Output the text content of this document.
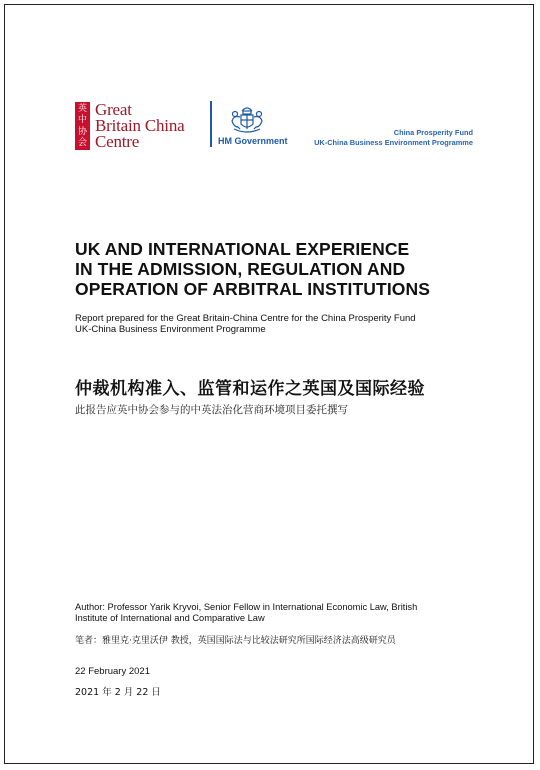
英
中
协
会
Great
Britain China
Centre	HM Government
China Prosperity Fund
UK-China Business Environment Programme
UK AND INTERNATIONAL EXPERIENCE
IN THE ADMISSION, REGULATION AND
OPERATION OF ARBITRAL INSTITUTIONS
Report prepared for the Great Britain-China Centre for the China Prosperity Fund
UK-China Business Environment Programme
仲裁机构准入、监管和运作之英国及国际经验
此报告应英中协会参与的中英法治化营商环境项目委托撰写
Author: Professor Yarik Kryvoi, Senior Fellow in International Economic Law, British
Institute of International and Comparative Law
笔者：雅里克·克里沃伊 教授，英国国际法与比较法研究所国际经济法高级研究员
22 February 2021
2021 年 2 月 22 日
